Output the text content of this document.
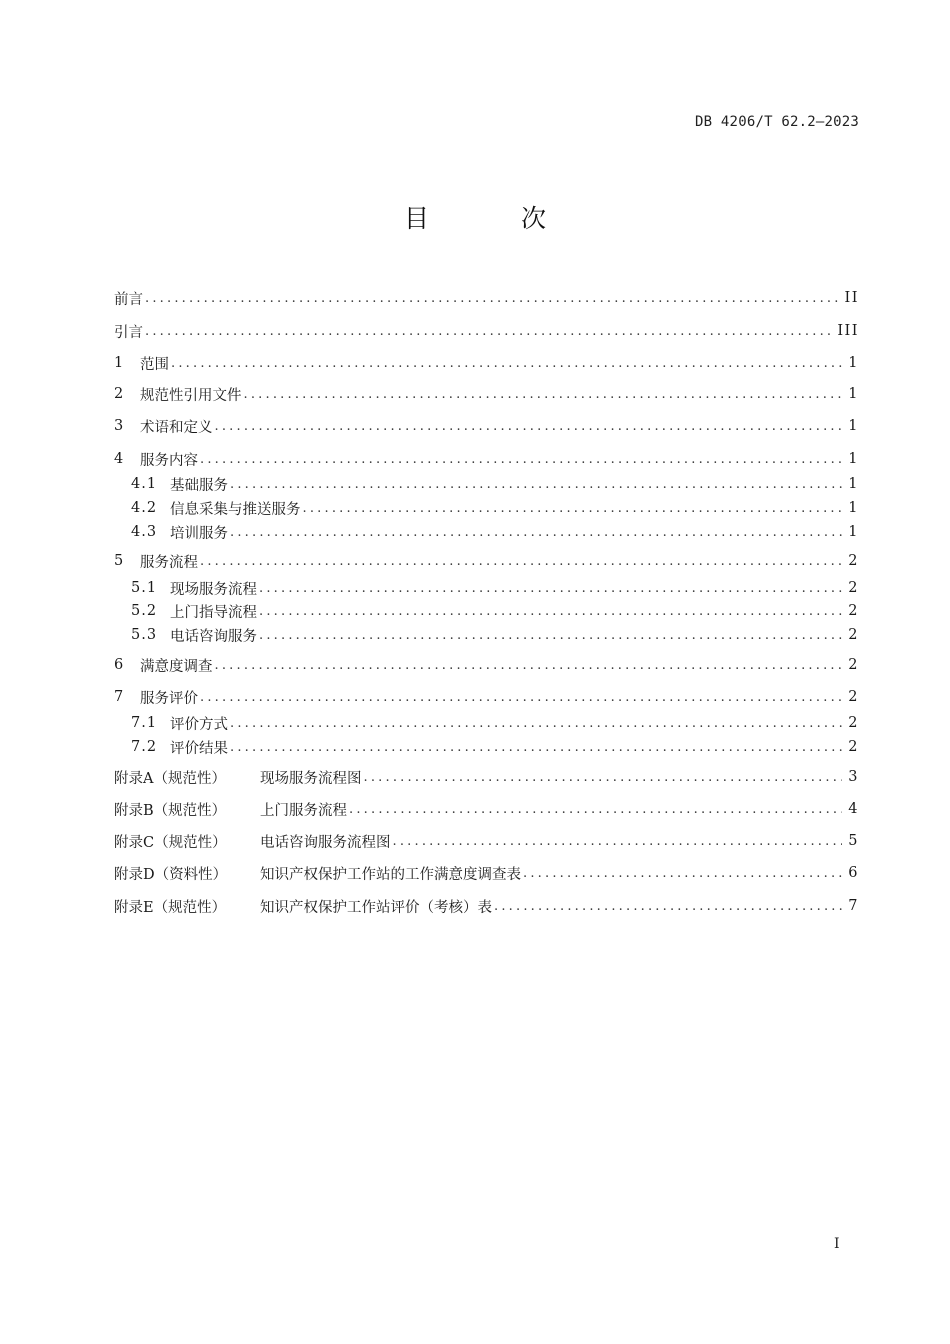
DB 4206/T 62.2—2023
目 次
前言 .....	II
引言 .....	III
1	范围 .....	1
2	规范性引用文件 .....	1
3	术语和定义 .....	1
4	服务内容 .....	1
4.1 基础服务 .....	1
4.2 信息采集与推送服务 .....	1
4.3 培训服务 .....	1
5	服务流程 .....	2
5.1 现场服务流程 .....	2
5.2 上门指导流程 .....	2
5.3 电话咨询服务 .....	2
6	满意度调查 .....	2
7	服务评价 .....	2
7.1 评价方式 .....	2
7.2 评价结果 .....	2
附录A（规范性）	现场服务流程图 .....	3
附录B（规范性）	上门服务流程 .....	4
附录C（规范性）	电话咨询服务流程图 .....	5
附录D（资料性）	知识产权保护工作站的工作满意度调查表 .....	6
附录E（规范性）	知识产权保护工作站评价（考核）表 .....	7
I
